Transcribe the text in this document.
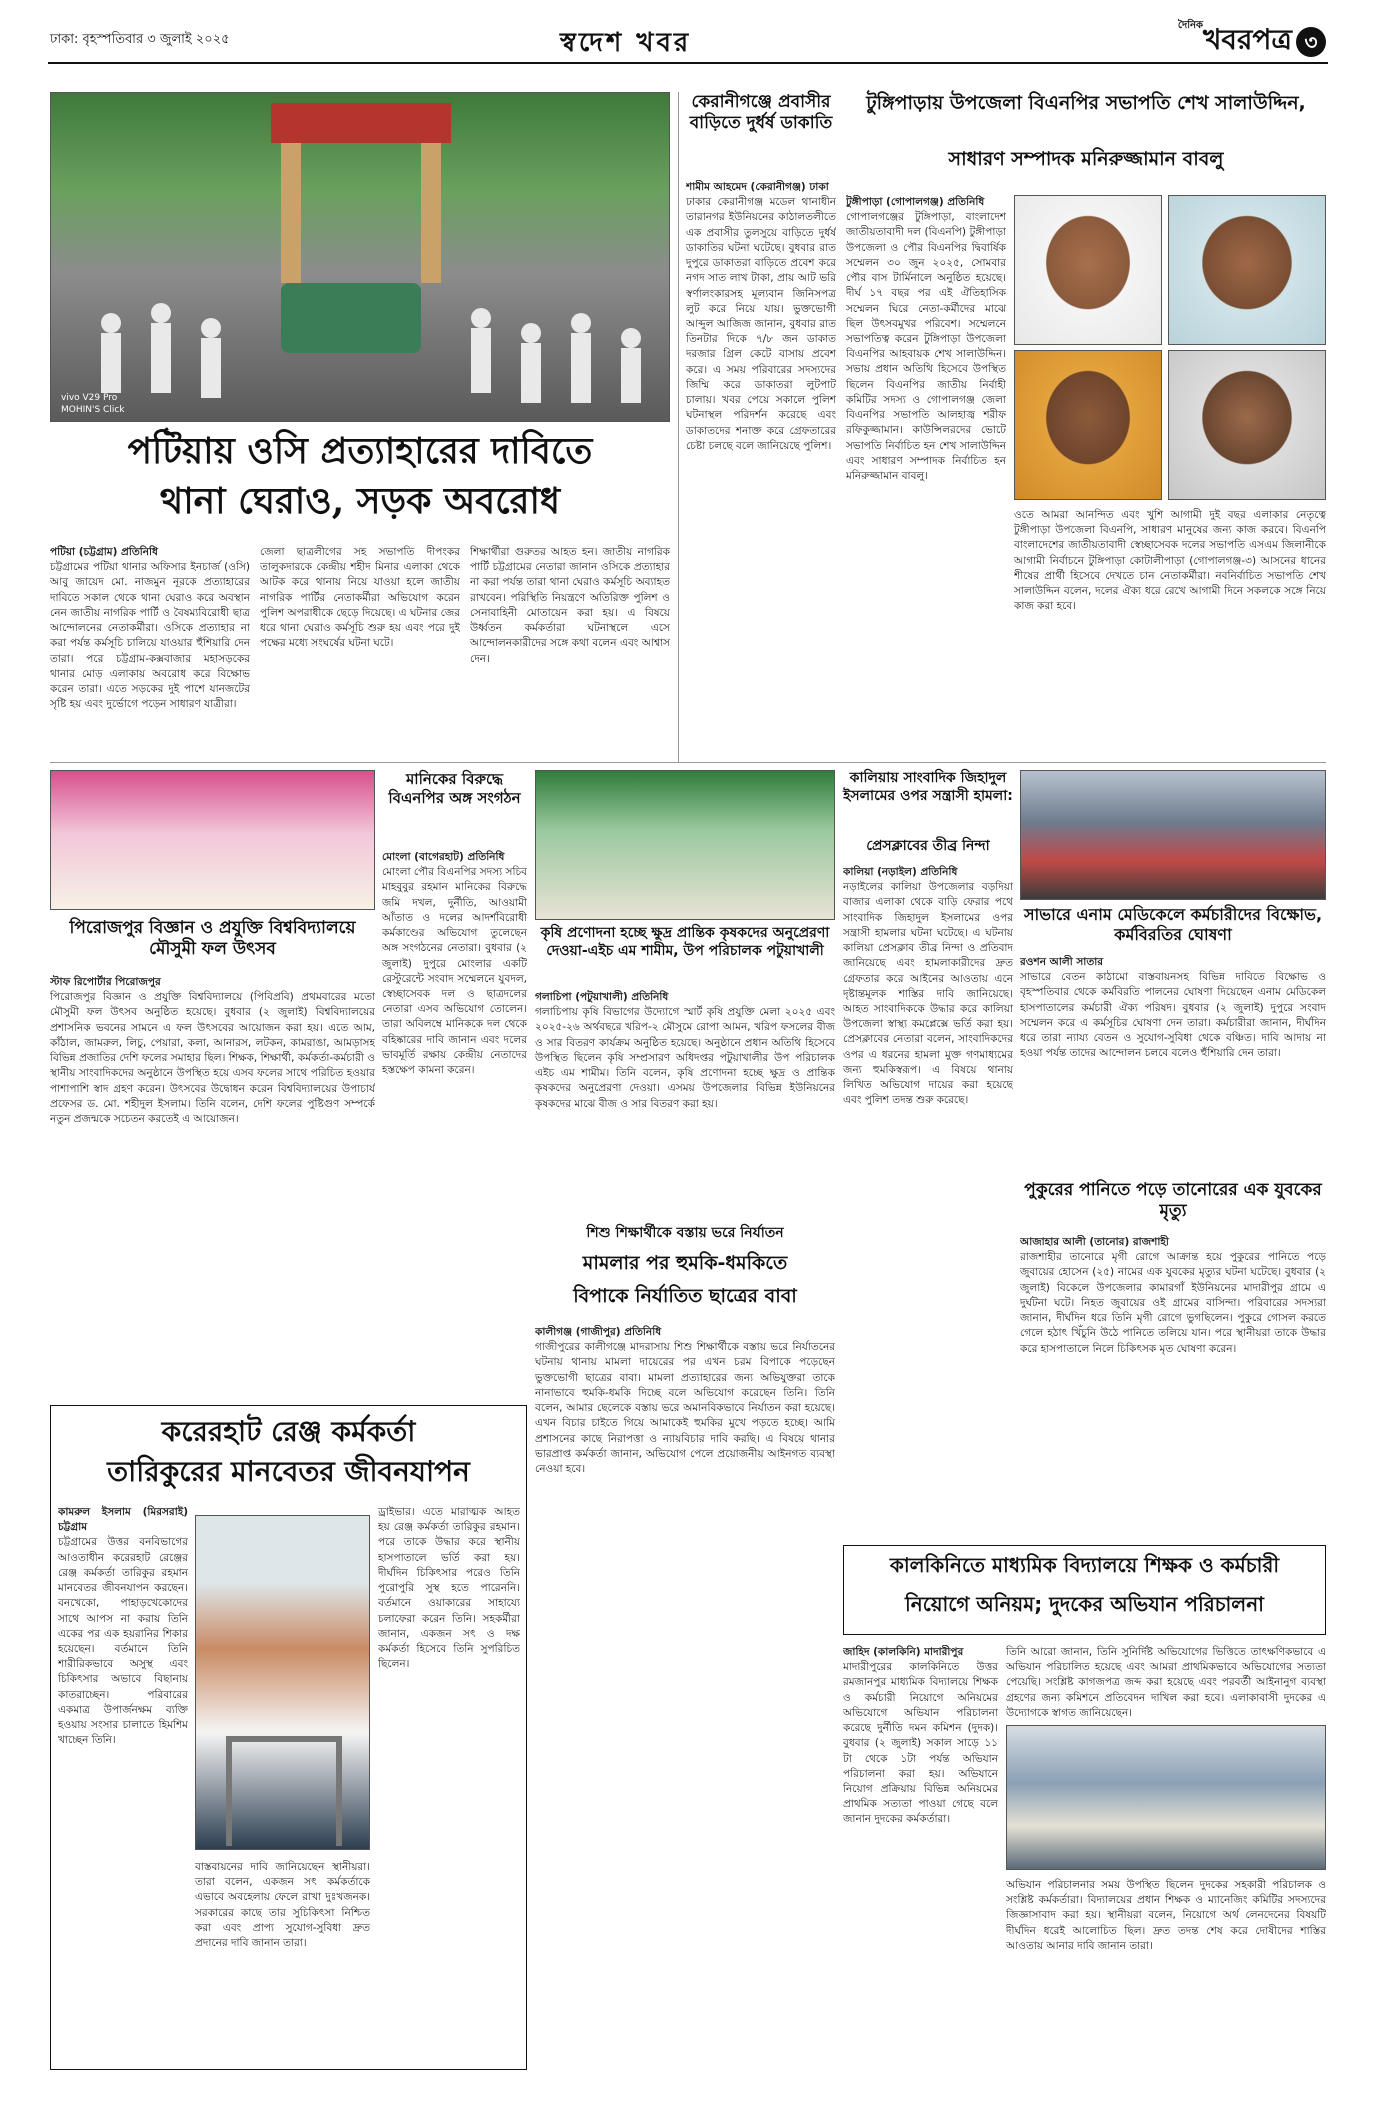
ঢাকা: বৃহস্পতিবার ৩ জুলাই ২০২৫	স্বদেশ খবর
$^{দৈনিক}$খবরপত্র ৩
vivo V29 Pro
MOHIN'S Click
পটিয়ায় ওসি প্রত্যাহারের দাবিতে
থানা ঘেরাও, সড়ক অবরোধ
পটিয়া (চট্টগ্রাম) প্রতিনিধি
চট্টগ্রামের পটিয়া থানার অফিসার ইনচার্জ (ওসি) আবু জায়েদ মো. নাজমুন নূরকে প্রত্যাহারের দাবিতে সকাল থেকে থানা ঘেরাও করে অবস্থান নেন জাতীয় নাগরিক পার্টি ও বৈষম্যবিরোধী ছাত্র আন্দোলনের নেতাকর্মীরা। ওসিকে প্রত্যাহার না করা পর্যন্ত কর্মসূচি চালিয়ে যাওয়ার হুঁশিয়ারি দেন তারা। পরে চট্টগ্রাম-কক্সবাজার মহাসড়কের থানার মোড় এলাকায় অবরোধ করে বিক্ষোভ করেন তারা। এতে সড়কের দুই পাশে যানজটের সৃষ্টি হয় এবং দুর্ভোগে পড়েন সাধারণ যাত্রীরা।
জেলা ছাত্রলীগের সহ সভাপতি দীপংকর তালুকদারকে কেন্দ্রীয় শহীদ মিনার এলাকা থেকে আটক করে থানায় নিয়ে যাওয়া হলে জাতীয় নাগরিক পার্টির নেতাকর্মীরা অভিযোগ করেন পুলিশ অপরাধীকে ছেড়ে দিয়েছে। এ ঘটনার জের ধরে থানা ঘেরাও কর্মসূচি শুরু হয় এবং পরে দুই পক্ষের মধ্যে সংঘর্ষের ঘটনা ঘটে।
শিক্ষার্থীরা গুরুতর আহত হন। জাতীয় নাগরিক পার্টি চট্টগ্রামের নেতারা জানান ওসিকে প্রত্যাহার না করা পর্যন্ত তারা থানা ঘেরাও কর্মসূচি অব্যাহত রাখবেন। পরিস্থিতি নিয়ন্ত্রণে অতিরিক্ত পুলিশ ও সেনাবাহিনী মোতায়েন করা হয়। এ বিষয়ে উর্ধ্বতন কর্মকর্তারা ঘটনাস্থলে এসে আন্দোলনকারীদের সঙ্গে কথা বলেন এবং আশ্বাস দেন।
কেরানীগঞ্জে প্রবাসীর বাড়িতে দুর্ধর্ষ ডাকাতি
শামীম আহমেদ (কেরানীগঞ্জ) ঢাকা
ঢাকার কেরানীগঞ্জ মডেল থানাধীন তারানগর ইউনিয়নের কাঠালতলীতে এক প্রবাসীর তুলসুয়ে বাড়িতে দুর্ধর্ষ ডাকাতির ঘটনা ঘটেছে। বুধবার রাত দুপুরে ডাকাতরা বাড়িতে প্রবেশ করে নগদ সাত লাখ টাকা, প্রায় আট ভরি স্বর্ণালংকারসহ মূল্যবান জিনিসপত্র লুট করে নিয়ে যায়। ভুক্তভোগী আব্দুল আজিজ জানান, বুধবার রাত তিনটার দিকে ৭/৮ জন ডাকাত দরজার গ্রিল কেটে বাসায় প্রবেশ করে। এ সময় পরিবারের সদস্যদের জিম্মি করে ডাকাতরা লুটপাট চালায়। খবর পেয়ে সকালে পুলিশ ঘটনাস্থল পরিদর্শন করেছে এবং ডাকাতদের শনাক্ত করে গ্রেফতারের চেষ্টা চলছে বলে জানিয়েছে পুলিশ।
টুঙ্গিপাড়ায় উপজেলা বিএনপির সভাপতি শেখ সালাউদ্দিন,
সাধারণ সম্পাদক মনিরুজ্জামান বাবলু
টুঙ্গীপাড়া (গোপালগঞ্জ) প্রতিনিধি
গোপালগঞ্জের টুঙ্গিপাড়া, বাংলাদেশ জাতীয়তাবাদী দল (বিএনপি) টুঙ্গীপাড়া উপজেলা ও পৌর বিএনপির দ্বিবার্ষিক সম্মেলন ৩০ জুন ২০২৫, সোমবার পৌর বাস টার্মিনালে অনুষ্ঠিত হয়েছে। দীর্ঘ ১৭ বছর পর এই ঐতিহাসিক সম্মেলন ঘিরে নেতা-কর্মীদের মাঝে ছিল উৎসবমুখর পরিবেশ। সম্মেলনে সভাপতিত্ব করেন টুঙ্গিপাড়া উপজেলা বিএনপির আহবায়ক শেখ সালাউদ্দিন। সভায় প্রধান অতিথি হিসেবে উপস্থিত ছিলেন বিএনপির জাতীয় নির্বাহী কমিটির সদস্য ও গোপালগঞ্জ জেলা বিএনপির সভাপতি আলহাজ্ব শরীফ রফিকুজ্জামান। কাউন্সিলরদের ভোটে সভাপতি নির্বাচিত হন শেখ সালাউদ্দিন এবং সাধারণ সম্পাদক নির্বাচিত হন মনিরুজ্জামান বাবলু।
ওতে আমরা আনন্দিত এবং খুশি আগামী দুই বছর এলাকার নেতৃত্বে টুঙ্গীপাড়া উপজেলা বিএনপি, সাধারণ মানুষের জন্য কাজ করবে। বিএনপি বাংলাদেশের জাতীয়তাবাদী স্বেচ্ছাসেবক দলের সভাপতি এসএম জিলানীকে আগামী নির্বাচনে টুঙ্গিপাড়া কোটালীপাড়া (গোপালগঞ্জ-৩) আসনের ধানের শীষের প্রার্থী হিসেবে দেখতে চান নেতাকর্মীরা। নবনির্বাচিত সভাপতি শেখ সালাউদ্দিন বলেন, দলের ঐক্য ধরে রেখে আগামী দিনে সকলকে সঙ্গে নিয়ে কাজ করা হবে।
পিরোজপুর বিজ্ঞান ও প্রযুক্তি বিশ্ববিদ্যালয়ে মৌসুমী ফল উৎসব
স্টাফ রিপোর্টার পিরোজপুর
পিরোজপুর বিজ্ঞান ও প্রযুক্তি বিশ্ববিদ্যালয়ে (পিবিপ্রবি) প্রথমবারের মতো মৌসুমী ফল উৎসব অনুষ্ঠিত হয়েছে। বুধবার (২ জুলাই) বিশ্ববিদ্যালয়ের প্রশাসনিক ভবনের সামনে এ ফল উৎসবের আয়োজন করা হয়। এতে আম, কাঁঠাল, জামরুল, লিচু, পেয়ারা, কলা, আনারস, লটকন, কামরাঙা, আমড়াসহ বিভিন্ন প্রজাতির দেশি ফলের সমাহার ছিল। শিক্ষক, শিক্ষার্থী, কর্মকর্তা-কর্মচারী ও স্থানীয় সাংবাদিকদের অনুষ্ঠানে উপস্থিত হয়ে এসব ফলের সাথে পরিচিত হওয়ার পাশাপাশি স্বাদ গ্রহণ করেন। উৎসবের উদ্বোধন করেন বিশ্ববিদ্যালয়ের উপাচার্য প্রফেসর ড. মো. শহীদুল ইসলাম। তিনি বলেন, দেশি ফলের পুষ্টিগুণ সম্পর্কে নতুন প্রজন্মকে সচেতন করতেই এ আয়োজন।
মানিকের বিরুদ্ধে বিএনপির অঙ্গ সংগঠন
মোংলা (বাগেরহাট) প্রতিনিধি
মোংলা পৌর বিএনপির সদস্য সচিব মাহবুবুর রহমান মানিকের বিরুদ্ধে জমি দখল, দুর্নীতি, আওয়ামী আঁতাত ও দলের আদর্শবিরোধী কর্মকাণ্ডের অভিযোগ তুলেছেন অঙ্গ সংগঠনের নেতারা। বুধবার (২ জুলাই) দুপুরে মোংলার একটি রেস্টুরেন্টে সংবাদ সম্মেলনে যুবদল, স্বেচ্ছাসেবক দল ও ছাত্রদলের নেতারা এসব অভিযোগ তোলেন। তারা অবিলম্বে মানিককে দল থেকে বহিষ্কারের দাবি জানান এবং দলের ভাবমূর্তি রক্ষায় কেন্দ্রীয় নেতাদের হস্তক্ষেপ কামনা করেন।
কৃষি প্রণোদনা হচ্ছে ক্ষুদ্র প্রান্তিক কৃষকদের অনুপ্রেরণা দেওয়া-এইচ এম শামীম, উপ পরিচালক পটুয়াখালী
গলাচিপা (পটুয়াখালী) প্রতিনিধি
গলাচিপায় কৃষি বিভাগের উদ্যোগে স্মার্ট কৃষি প্রযুক্তি মেলা ২০২৫ এবং ২০২৫-২৬ অর্থবছরে খরিপ-২ মৌসুমে রোপা আমন, খরিপ ফসলের বীজ ও সার বিতরণ কার্যক্রম অনুষ্ঠিত হয়েছে। অনুষ্ঠানে প্রধান অতিথি হিসেবে উপস্থিত ছিলেন কৃষি সম্প্রসারণ অধিদপ্তর পটুয়াখালীর উপ পরিচালক এইচ এম শামীম। তিনি বলেন, কৃষি প্রণোদনা হচ্ছে ক্ষুদ্র ও প্রান্তিক কৃষকদের অনুপ্রেরণা দেওয়া। এসময় উপজেলার বিভিন্ন ইউনিয়নের কৃষকদের মাঝে বীজ ও সার বিতরণ করা হয়।
কালিয়ায় সাংবাদিক জিহাদুল ইসলামের ওপর সন্ত্রাসী হামলা:
প্রেসক্লাবের তীব্র নিন্দা
কালিয়া (নড়াইল) প্রতিনিধি
নড়াইলের কালিয়া উপজেলার বড়দিয়া বাজার এলাকা থেকে বাড়ি ফেরার পথে সাংবাদিক জিহাদুল ইসলামের ওপর সন্ত্রাসী হামলার ঘটনা ঘটেছে। এ ঘটনায় কালিয়া প্রেসক্লাব তীব্র নিন্দা ও প্রতিবাদ জানিয়েছে এবং হামলাকারীদের দ্রুত গ্রেফতার করে আইনের আওতায় এনে দৃষ্টান্তমূলক শাস্তির দাবি জানিয়েছে। আহত সাংবাদিককে উদ্ধার করে কালিয়া উপজেলা স্বাস্থ্য কমপ্লেক্সে ভর্তি করা হয়। প্রেসক্লাবের নেতারা বলেন, সাংবাদিকদের ওপর এ ধরনের হামলা মুক্ত গণমাধ্যমের জন্য হুমকিস্বরূপ। এ বিষয়ে থানায় লিখিত অভিযোগ দায়ের করা হয়েছে এবং পুলিশ তদন্ত শুরু করেছে।
সাভারে এনাম মেডিকেলে কর্মচারীদের বিক্ষোভ, কর্মবিরতির ঘোষণা
রওশন আলী সাতার
সাভারে বেতন কাঠামো বাস্তবায়নসহ বিভিন্ন দাবিতে বিক্ষোভ ও বৃহস্পতিবার থেকে কর্মবিরতি পালনের ঘোষণা দিয়েছেন এনাম মেডিকেল হাসপাতালের কর্মচারী ঐক্য পরিষদ। বুধবার (২ জুলাই) দুপুরে সংবাদ সম্মেলন করে এ কর্মসূচির ঘোষণা দেন তারা। কর্মচারীরা জানান, দীর্ঘদিন ধরে তারা ন্যায্য বেতন ও সুযোগ-সুবিধা থেকে বঞ্চিত। দাবি আদায় না হওয়া পর্যন্ত তাদের আন্দোলন চলবে বলেও হুঁশিয়ারি দেন তারা।
পুকুরের পানিতে পড়ে তানোরের এক যুবকের মৃত্যু
আজাহার আলী (তানোর) রাজশাহী
রাজশাহীর তানোরে মৃগী রোগে আক্রান্ত হয়ে পুকুরের পানিতে পড়ে জুবায়ের হোসেন (২৫) নামের এক যুবকের মৃত্যুর ঘটনা ঘটেছে। বুধবার (২ জুলাই) বিকেলে উপজেলার কামারগাঁ ইউনিয়নের মাদারীপুর গ্রামে এ দুর্ঘটনা ঘটে। নিহত জুবায়ের ওই গ্রামের বাসিন্দা। পরিবারের সদস্যরা জানান, দীর্ঘদিন ধরে তিনি মৃগী রোগে ভুগছিলেন। পুকুরে গোসল করতে গেলে হঠাৎ খিঁচুনি উঠে পানিতে তলিয়ে যান। পরে স্থানীয়রা তাকে উদ্ধার করে হাসপাতালে নিলে চিকিৎসক মৃত ঘোষণা করেন।
শিশু শিক্ষার্থীকে বস্তায় ভরে নির্যাতন
মামলার পর হুমকি-ধমকিতে
বিপাকে নির্যাতিত ছাত্রের বাবা
কালীগঞ্জ (গাজীপুর) প্রতিনিধি
গাজীপুরের কালীগঞ্জে মাদরাসায় শিশু শিক্ষার্থীকে বস্তায় ভরে নির্যাতনের ঘটনায় থানায় মামলা দায়েরের পর এখন চরম বিপাকে পড়েছেন ভুক্তভোগী ছাত্রের বাবা। মামলা প্রত্যাহারের জন্য অভিযুক্তরা তাকে নানাভাবে হুমকি-ধমকি দিচ্ছে বলে অভিযোগ করেছেন তিনি। তিনি বলেন, আমার ছেলেকে বস্তায় ভরে অমানবিকভাবে নির্যাতন করা হয়েছে। এখন বিচার চাইতে গিয়ে আমাকেই হুমকির মুখে পড়তে হচ্ছে। আমি প্রশাসনের কাছে নিরাপত্তা ও ন্যায়বিচার দাবি করছি। এ বিষয়ে থানার ভারপ্রাপ্ত কর্মকর্তা জানান, অভিযোগ পেলে প্রয়োজনীয় আইনগত ব্যবস্থা নেওয়া হবে।
করেরহাট রেঞ্জ কর্মকর্তা
তারিকুরের মানবেতর জীবনযাপন
কামরুল ইসলাম (মিরসরাই) চট্টগ্রাম
চট্টগ্রামের উত্তর বনবিভাগের আওতাধীন করেরহাট রেঞ্জের রেঞ্জ কর্মকর্তা তারিকুর রহমান মানবেতর জীবনযাপন করছেন। বনখেকো, পাহাড়খেকোদের সাথে আপস না করায় তিনি একের পর এক হয়রানির শিকার হয়েছেন। বর্তমানে তিনি শারীরিকভাবে অসুস্থ এবং চিকিৎসার অভাবে বিছানায় কাতরাচ্ছেন। পরিবারের একমাত্র উপার্জনক্ষম ব্যক্তি হওয়ায় সংসার চালাতে হিমশিম খাচ্ছেন তিনি।
ড্রাইভার। এতে মারাত্মক আহত হয় রেঞ্জ কর্মকর্তা তারিকুর রহমান। পরে তাকে উদ্ধার করে স্থানীয় হাসপাতালে ভর্তি করা হয়। দীর্ঘদিন চিকিৎসার পরেও তিনি পুরোপুরি সুস্থ হতে পারেননি। বর্তমানে ওয়াকারের সাহায্যে চলাফেরা করেন তিনি। সহকর্মীরা জানান, একজন সৎ ও দক্ষ কর্মকর্তা হিসেবে তিনি সুপরিচিত ছিলেন।
বাস্তবায়নের দাবি জানিয়েছেন স্থানীয়রা। তারা বলেন, একজন সৎ কর্মকর্তাকে এভাবে অবহেলায় ফেলে রাখা দুঃখজনক। সরকারের কাছে তার সুচিকিৎসা নিশ্চিত করা এবং প্রাপ্য সুযোগ-সুবিধা দ্রুত প্রদানের দাবি জানান তারা।
কালকিনিতে মাধ্যমিক বিদ্যালয়ে শিক্ষক ও কর্মচারী
নিয়োগে অনিয়ম; দুদকের অভিযান পরিচালনা
জাহিদ (কালকিনি) মাদারীপুর
মাদারীপুরের কালকিনিতে উত্তর রমজানপুর মাধ্যমিক বিদ্যালয়ে শিক্ষক ও কর্মচারী নিয়োগে অনিয়মের অভিযোগে অভিযান পরিচালনা করেছে দুর্নীতি দমন কমিশন (দুদক)। বুধবার (২ জুলাই) সকাল সাড়ে ১১ টা থেকে ১টা পর্যন্ত অভিযান পরিচালনা করা হয়। অভিযানে নিয়োগ প্রক্রিয়ায় বিভিন্ন অনিয়মের প্রাথমিক সত্যতা পাওয়া গেছে বলে জানান দুদকের কর্মকর্তারা।
তিনি আরো জানান, তিনি সুনির্দিষ্ট অভিযোগের ভিত্তিতে তাৎক্ষণিকভাবে এ অভিযান পরিচালিত হয়েছে এবং আমরা প্রাথমিকভাবে অভিযোগের সত্যতা পেয়েছি। সংশ্লিষ্ট কাগজপত্র জব্দ করা হয়েছে এবং পরবর্তী আইনানুগ ব্যবস্থা গ্রহণের জন্য কমিশনে প্রতিবেদন দাখিল করা হবে। এলাকাবাসী দুদকের এ উদ্যোগকে স্বাগত জানিয়েছেন।
অভিযান পরিচালনার সময় উপস্থিত ছিলেন দুদকের সহকারী পরিচালক ও সংশ্লিষ্ট কর্মকর্তারা। বিদ্যালয়ের প্রধান শিক্ষক ও ম্যানেজিং কমিটির সদস্যদের জিজ্ঞাসাবাদ করা হয়। স্থানীয়রা বলেন, নিয়োগে অর্থ লেনদেনের বিষয়টি দীর্ঘদিন ধরেই আলোচিত ছিল। দ্রুত তদন্ত শেষ করে দোষীদের শাস্তির আওতায় আনার দাবি জানান তারা।
